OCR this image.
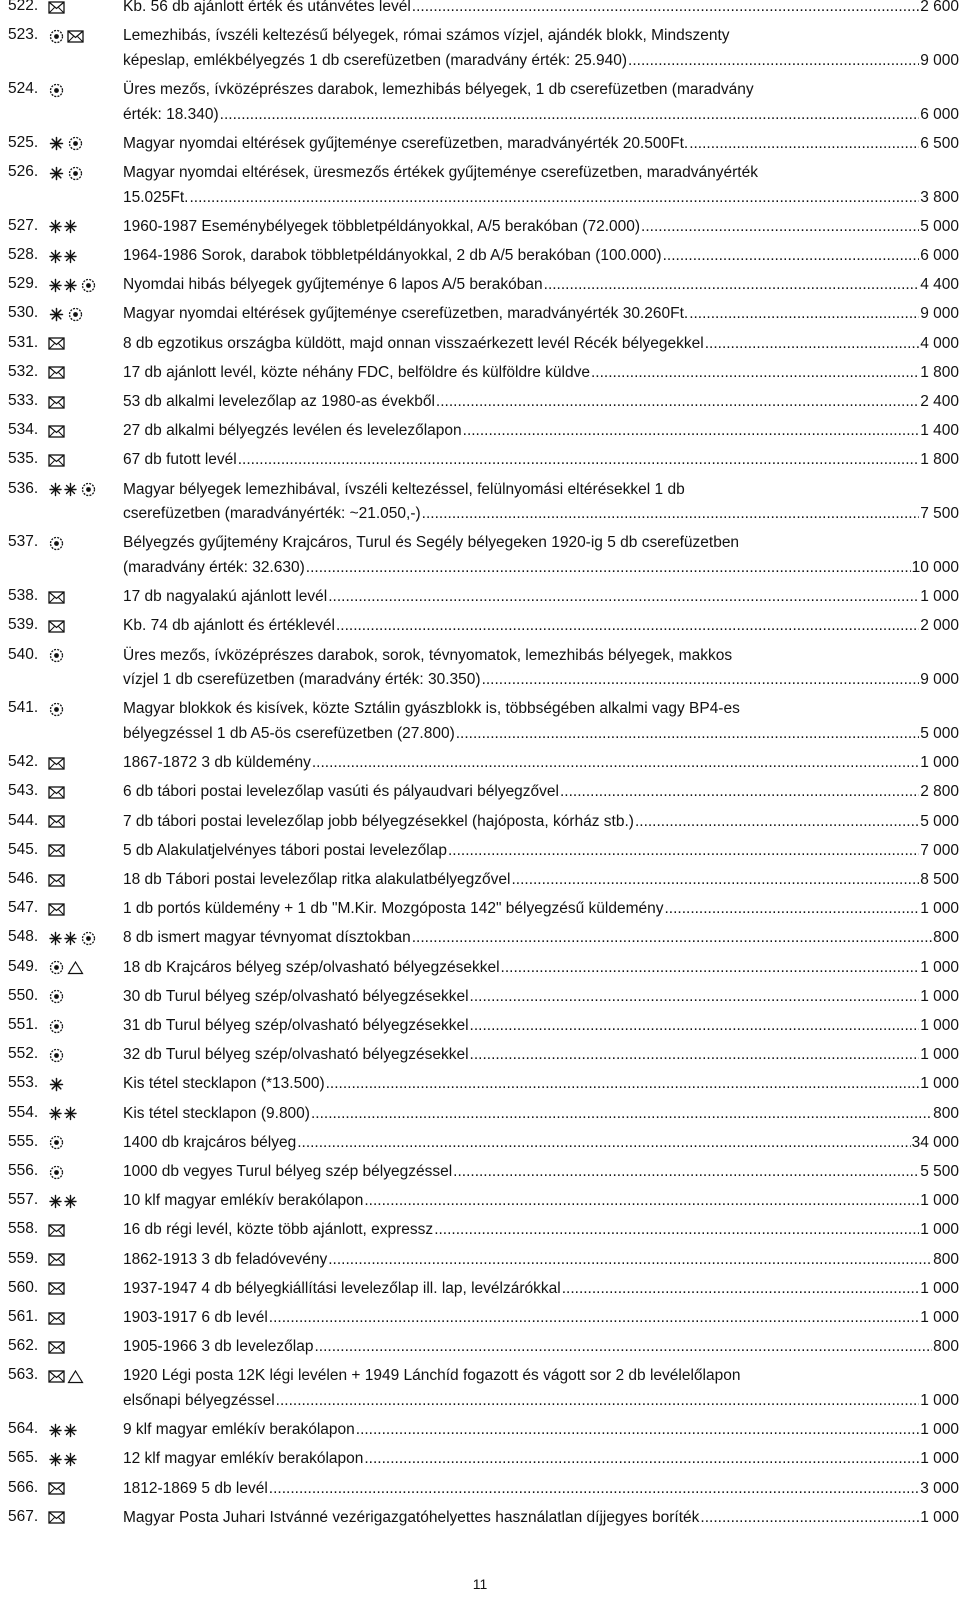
522.	Kb. 56 db ajánlott érték és utánvétes levél .....	2 600
523.	Lemezhibás, ívszéli keltezésű bélyegek, római számos vízjel, ajándék blokk, Mindszenty
képeslap, emlékbélyegzés 1 db cserefüzetben (maradvány érték: 25.940) .....	9 000
524.	Üres mezős, ívközéprészes darabok, lemezhibás bélyegek, 1 db cserefüzetben (maradvány
érték: 18.340) .....	6 000
525.	Magyar nyomdai eltérések gyűjteménye cserefüzetben, maradványérték 20.500Ft. .....	6 500
526.	Magyar nyomdai eltérések, üresmezős értékek gyűjteménye cserefüzetben, maradványérték
15.025Ft. .....	3 800
527.	1960-1987 Eseménybélyegek többletpéldányokkal, A/5 berakóban (72.000) .....	5 000
528.	1964-1986 Sorok, darabok többletpéldányokkal, 2 db A/5 berakóban (100.000) .....	6 000
529.	Nyomdai hibás bélyegek gyűjteménye 6 lapos A/5 berakóban .....	4 400
530.	Magyar nyomdai eltérések gyűjteménye cserefüzetben, maradványérték 30.260Ft. .....	9 000
531.	8 db egzotikus országba küldött, majd onnan visszaérkezett levél Récék bélyegekkel .....	4 000
532.	17 db ajánlott levél, közte néhány FDC, belföldre és külföldre küldve .....	1 800
533.	53 db alkalmi levelezőlap az 1980-as évekből .....	2 400
534.	27 db alkalmi bélyegzés levélen és levelezőlapon .....	1 400
535.	67 db futott levél .....	1 800
536.	Magyar bélyegek lemezhibával, ívszéli keltezéssel, felülnyomási eltérésekkel 1 db
cserefüzetben (maradványérték: ~21.050,-) .....	7 500
537.	Bélyegzés gyűjtemény Krajcáros, Turul és Segély bélyegeken 1920-ig 5 db cserefüzetben
(maradvány érték: 32.630) .....	10 000
538.	17 db nagyalakú ajánlott levél .....	1 000
539.	Kb. 74 db ajánlott és értéklevél .....	2 000
540.	Üres mezős, ívközéprészes darabok, sorok, tévnyomatok, lemezhibás bélyegek, makkos
vízjel 1 db cserefüzetben (maradvány érték: 30.350) .....	9 000
541.	Magyar blokkok és kisívek, közte Sztálin gyászblokk is, többségében alkalmi vagy BP4-es
bélyegzéssel 1 db A5-ös cserefüzetben (27.800) .....	5 000
542.	1867-1872 3 db küldemény .....	1 000
543.	6 db tábori postai levelezőlap vasúti és pályaudvari bélyegzővel .....	2 800
544.	7 db tábori postai levelezőlap jobb bélyegzésekkel (hajóposta, kórház stb.) .....	5 000
545.	5 db Alakulatjelvényes tábori postai levelezőlap .....	7 000
546.	18 db Tábori postai levelezőlap ritka alakulatbélyegzővel .....	8 500
547.	1 db portós küldemény + 1 db "M.Kir. Mozgóposta 142" bélyegzésű küldemény .....	1 000
548.	8 db ismert magyar tévnyomat dísztokban .....	800
549.	18 db Krajcáros bélyeg szép/olvasható bélyegzésekkel .....	1 000
550.	30 db Turul bélyeg szép/olvasható bélyegzésekkel .....	1 000
551.	31 db Turul bélyeg szép/olvasható bélyegzésekkel .....	1 000
552.	32 db Turul bélyeg szép/olvasható bélyegzésekkel .....	1 000
553.	Kis tétel stecklapon (*13.500) .....	1 000
554.	Kis tétel stecklapon (9.800) .....	800
555.	1400 db krajcáros bélyeg .....	34 000
556.	1000 db vegyes Turul bélyeg szép bélyegzéssel .....	5 500
557.	10 klf magyar emlékív berakólapon .....	1 000
558.	16 db régi levél, közte több ajánlott, expressz .....	1 000
559.	1862-1913 3 db feladóvevény .....	800
560.	1937-1947 4 db bélyegkiállítási levelezőlap ill. lap, levélzárókkal .....	1 000
561.	1903-1917 6 db levél .....	1 000
562.	1905-1966 3 db levelezőlap .....	800
563.	1920 Légi posta 12K légi levélen + 1949 Lánchíd fogazott és vágott sor 2 db levélelőlapon
elsőnapi bélyegzéssel .....	1 000
564.	9 klf magyar emlékív berakólapon .....	1 000
565.	12 klf magyar emlékív berakólapon .....	1 000
566.	1812-1869 5 db levél .....	3 000
567.	Magyar Posta Juhari Istvánné vezérigazgatóhelyettes használatlan díjjegyes boríték .....	1 000
11
